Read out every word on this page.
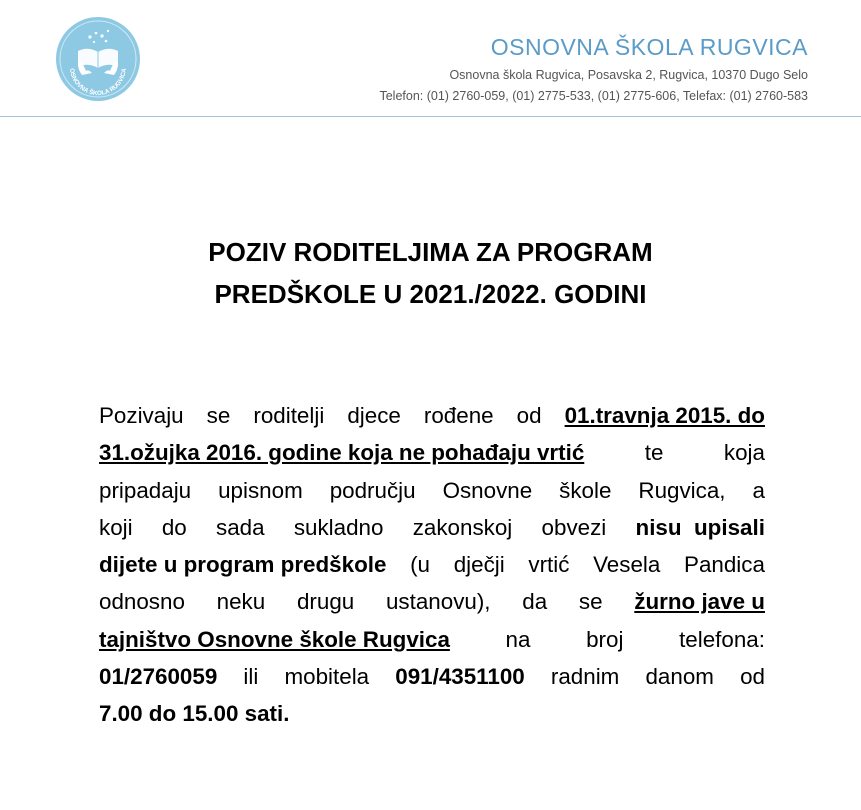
OSNOVNA ŠKOLA RUGVICA
OSNOVNA ŠKOLA RUGVICA
Osnovna škola Rugvica, Posavska 2, Rugvica, 10370 Dugo Selo
Telefon: (01) 2760-059, (01) 2775-533, (01) 2775-606, Telefax: (01) 2760-583
POZIV RODITELJIMA ZA PROGRAM
PREDŠKOLE U 2021./2022. GODINI
Pozivaju se roditelji djece rođene od 01.travnja 2015. do
31.ožujka 2016. godine koja ne pohađaju vrtić	te	koja
pripadaju upisnom području Osnovne škole Rugvica, a
koji do sada sukladno zakonskoj obvezi nisu  upisali
dijete u program predškole (u dječji vrtić Vesela Pandica
odnosno neku drugu ustanovu), da se žurno jave u
tajništvo Osnovne škole Rugvica na broj telefona:
01/2760059 ili mobitela 091/4351100 radnim danom od
7.00 do 15.00 sati.
